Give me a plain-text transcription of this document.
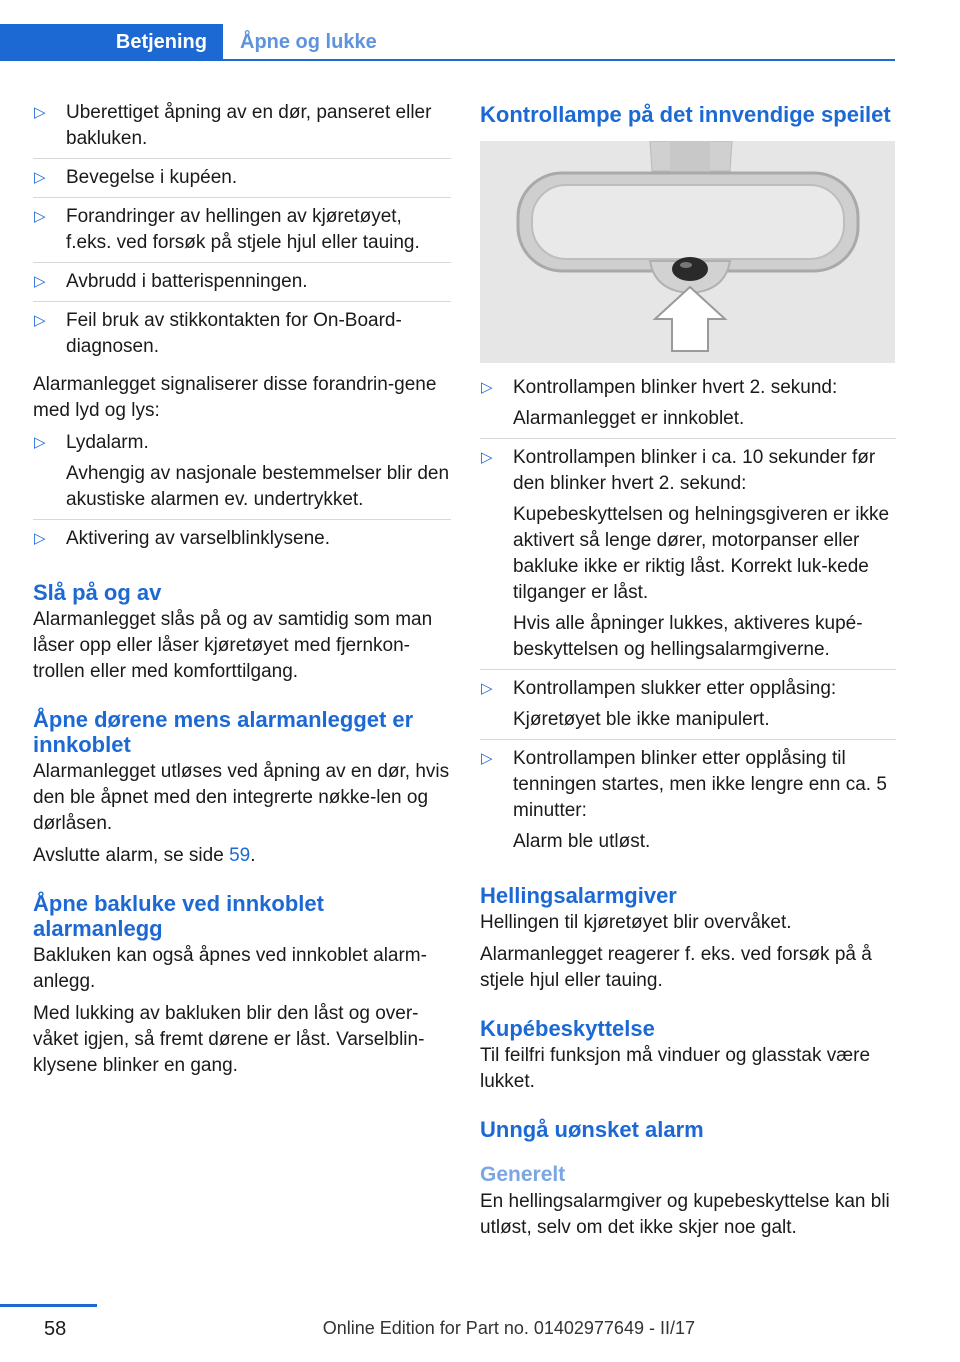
Betjening Åpne og lukke
▷ Uberettiget åpning av en dør, panseret eller bakluken.

▷ Bevegelse i kupéen.

▷ Forandringer av hellingen av kjøretøyet, f.eks. ved forsøk på stjele hjul eller tauing.

▷ Avbrudd i batterispenningen.

▷ Feil bruk av stikkontakten for On-Board-diagnosen.

Alarmanlegget signaliserer disse forandrin-gene med lyd og lys:

▷ Lydalarm.

Avhengig av nasjonale bestemmelser blir den akustiske alarmen ev. undertrykket.

▷ Aktivering av varselblinklysene.

Slå på og av

Alarmanlegget slås på og av samtidig som man låser opp eller låser kjøretøyet med fjernkon-trollen eller med komforttilgang.

Åpne dørene mens alarmanlegget er innkoblet

Alarmanlegget utløses ved åpning av en dør, hvis den ble åpnet med den integrerte nøkke-len og dørlåsen.

Avslutte alarm, se side 59.

Åpne bakluke ved innkoblet alarmanlegg

Bakluken kan også åpnes ved innkoblet alarm-anlegg.

Med lukking av bakluken blir den låst og over-våket igjen, så fremt dørene er låst. Varselblin-klysene blinker en gang.

Kontrollampe på det innvendige speilet
▷ Kontrollampen blinker hvert 2. sekund:

Alarmanlegget er innkoblet.

▷ Kontrollampen blinker i ca. 10 sekunder før den blinker hvert 2. sekund:

Kupebeskyttelsen og helningsgiveren er ikke aktivert så lenge dører, motorpanser eller bakluke ikke er riktig låst. Korrekt luk-kede tilganger er låst.

Hvis alle åpninger lukkes, aktiveres kupé-beskyttelsen og hellingsalarmgiverne.

▷ Kontrollampen slukker etter opplåsing:

Kjøretøyet ble ikke manipulert.

▷ Kontrollampen blinker etter opplåsing til tenningen startes, men ikke lengre enn ca. 5 minutter:

Alarm ble utløst.

Hellingsalarmgiver

Hellingen til kjøretøyet blir overvåket.

Alarmanlegget reagerer f. eks. ved forsøk på å stjele hjul eller tauing.

Kupébeskyttelse

Til feilfri funksjon må vinduer og glasstak være lukket.

Unngå uønsket alarm
Generelt

En hellingsalarmgiver og kupebeskyttelse kan bli utløst, selv om det ikke skjer noe galt.

58	Online Edition for Part no. 01402977649 - II/17
